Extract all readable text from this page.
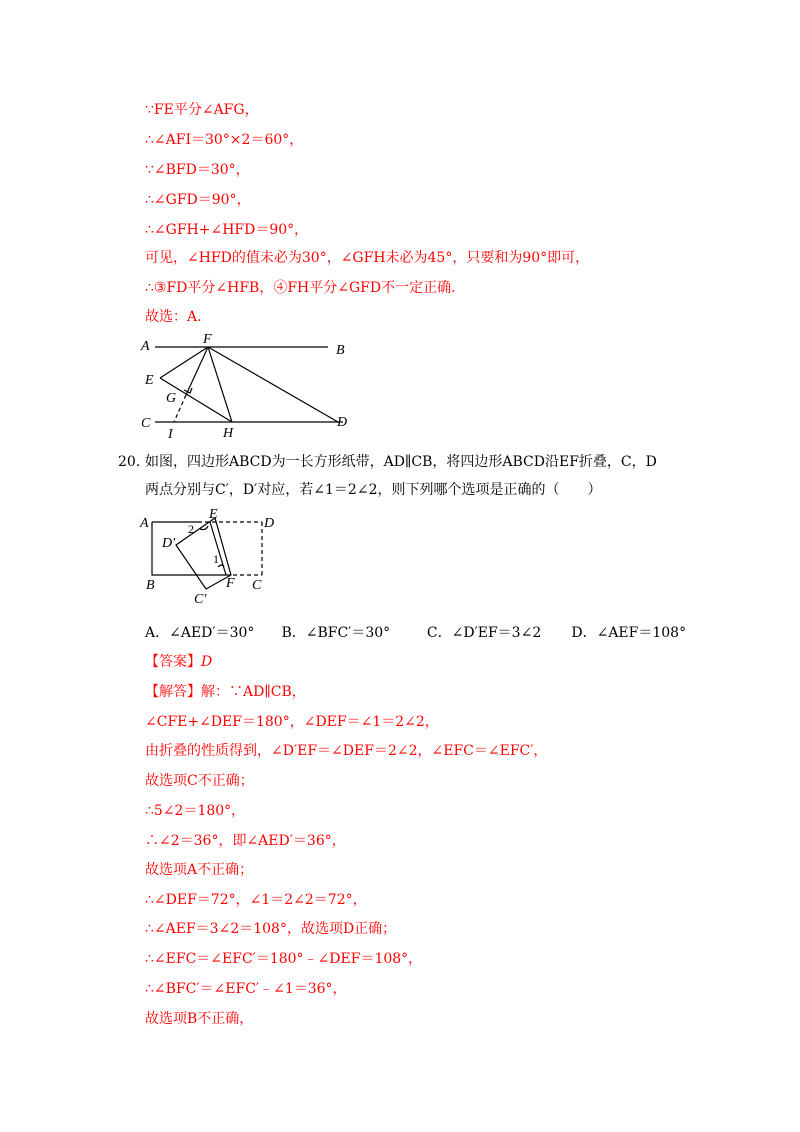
∵FE平分∠AFG，
∴∠AFI＝30°×2＝60°，
∵∠BFD＝30°，
∴∠GFD＝90°，
∴∠GFH+∠HFD＝90°，
可见，∠HFD的值未必为30°，∠GFH未必为45°，只要和为90°即可，
∴③FD平分∠HFB，④FH平分∠GFD不一定正确.
故选：A.
A	F
B
E
G
C
I	H
D
20. 如图，四边形ABCD为一长方形纸带，AD∥CB，将四边形ABCD沿EF折叠，C，D
两点分别与C′，D′对应，若∠1＝2∠2，则下列哪个选项是正确的（　　）
A
E
D
D′
2
1
B	F C
C′
A．∠AED′＝30° B．∠BFC′＝30°	C．∠D′EF＝3∠2 D．∠AEF＝108°
【答案】D
【解答】解：∵AD∥CB，
∠CFE+∠DEF＝180°，∠DEF＝∠1＝2∠2，
由折叠的性质得到，∠D′EF＝∠DEF＝2∠2，∠EFC＝∠EFC′，
故选项C不正确；
∴5∠2＝180°，
∴∠2＝36°，即∠AED′＝36°，
故选项A不正确；
∴∠DEF＝72°，∠1＝2∠2＝72°，
∴∠AEF＝3∠2＝108°，故选项D正确；
∴∠EFC＝∠EFC′＝180°﹣∠DEF＝108°，
∴∠BFC′＝∠EFC′﹣∠1＝36°，
故选项B不正确，
